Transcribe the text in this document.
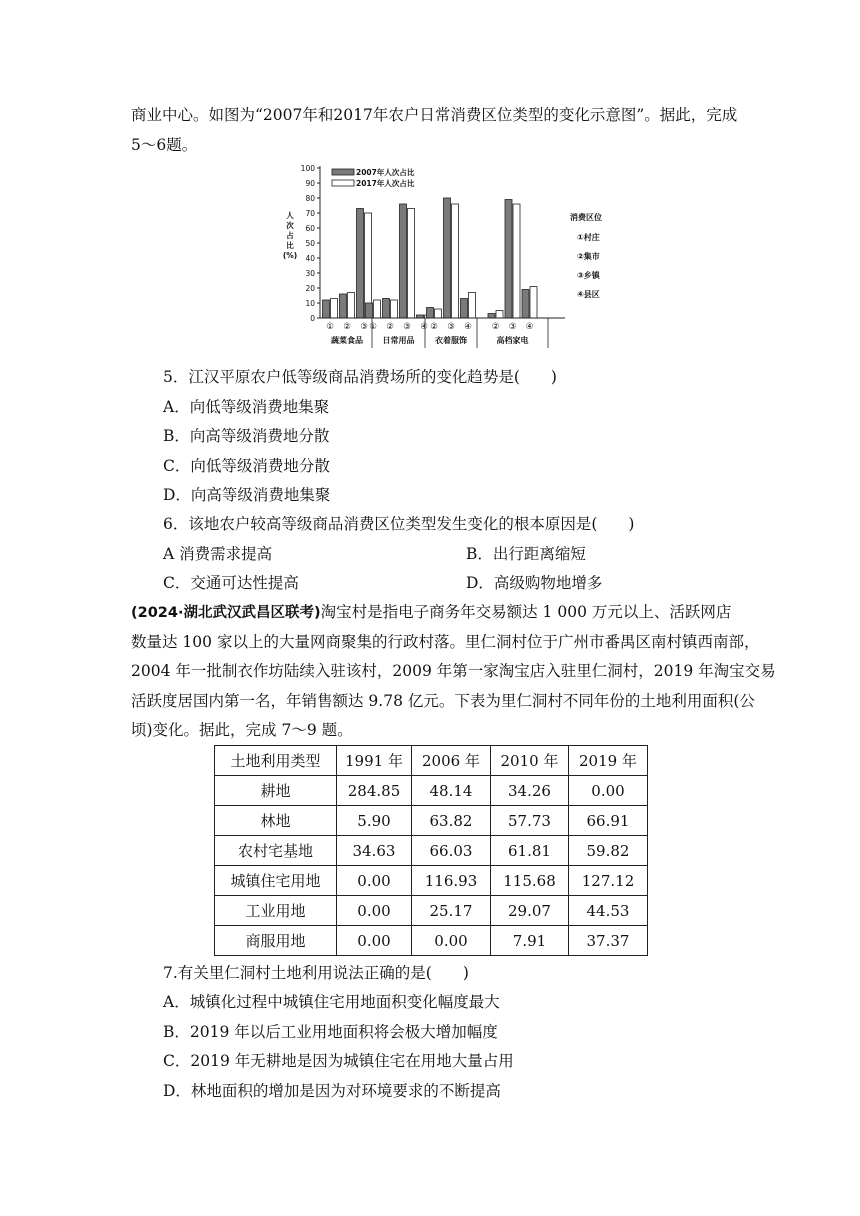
商业中心。如图为“2007年和2017年农户日常消费区位类型的变化示意图”。据此，完成
5～6题。
100
90
80
70
60
50
40
30
20
10
0
人
次
占
比
(%)
2007年人次占比
2017年人次占比
消费区位
①村庄
②集市
③乡镇
④县区
① ② ③
蔬菜食品
① ② ③ ④
日常用品
② ③ ④
衣着服饰
② ③ ④
高档家电
5．江汉平原农户低等级商品消费场所的变化趋势是(　　)
A．向低等级消费地集聚
B．向高等级消费地分散
C．向低等级消费地分散
D．向高等级消费地集聚
6．该地农户较高等级商品消费区位类型发生变化的根本原因是(　　)
A 消费需求提高	B．出行距离缩短
C．交通可达性提高	D．高级购物地增多
(2024·湖北武汉武昌区联考)淘宝村是指电子商务年交易额达 1 000 万元以上、活跃网店
数量达 100 家以上的大量网商聚集的行政村落。里仁洞村位于广州市番禺区南村镇西南部，
2004 年一批制衣作坊陆续入驻该村，2009 年第一家淘宝店入驻里仁洞村，2019 年淘宝交易
活跃度居国内第一名，年销售额达 9.78 亿元。下表为里仁洞村不同年份的土地利用面积(公
顷)变化。据此，完成 7～9 题。
土地利用类型	1991 年	2006 年	2010 年	2019 年
耕地	284.85	48.14	34.26	0.00
林地	5.90	63.82	57.73	66.91
农村宅基地	34.63	66.03	61.81	59.82
城镇住宅用地	0.00	116.93	115.68	127.12
工业用地	0.00	25.17	29.07	44.53
商服用地	0.00	0.00	7.91	37.37
7.有关里仁洞村土地利用说法正确的是(　　)
A．城镇化过程中城镇住宅用地面积变化幅度最大
B．2019 年以后工业用地面积将会极大增加幅度
C．2019 年无耕地是因为城镇住宅在用地大量占用
D．林地面积的增加是因为对环境要求的不断提高
